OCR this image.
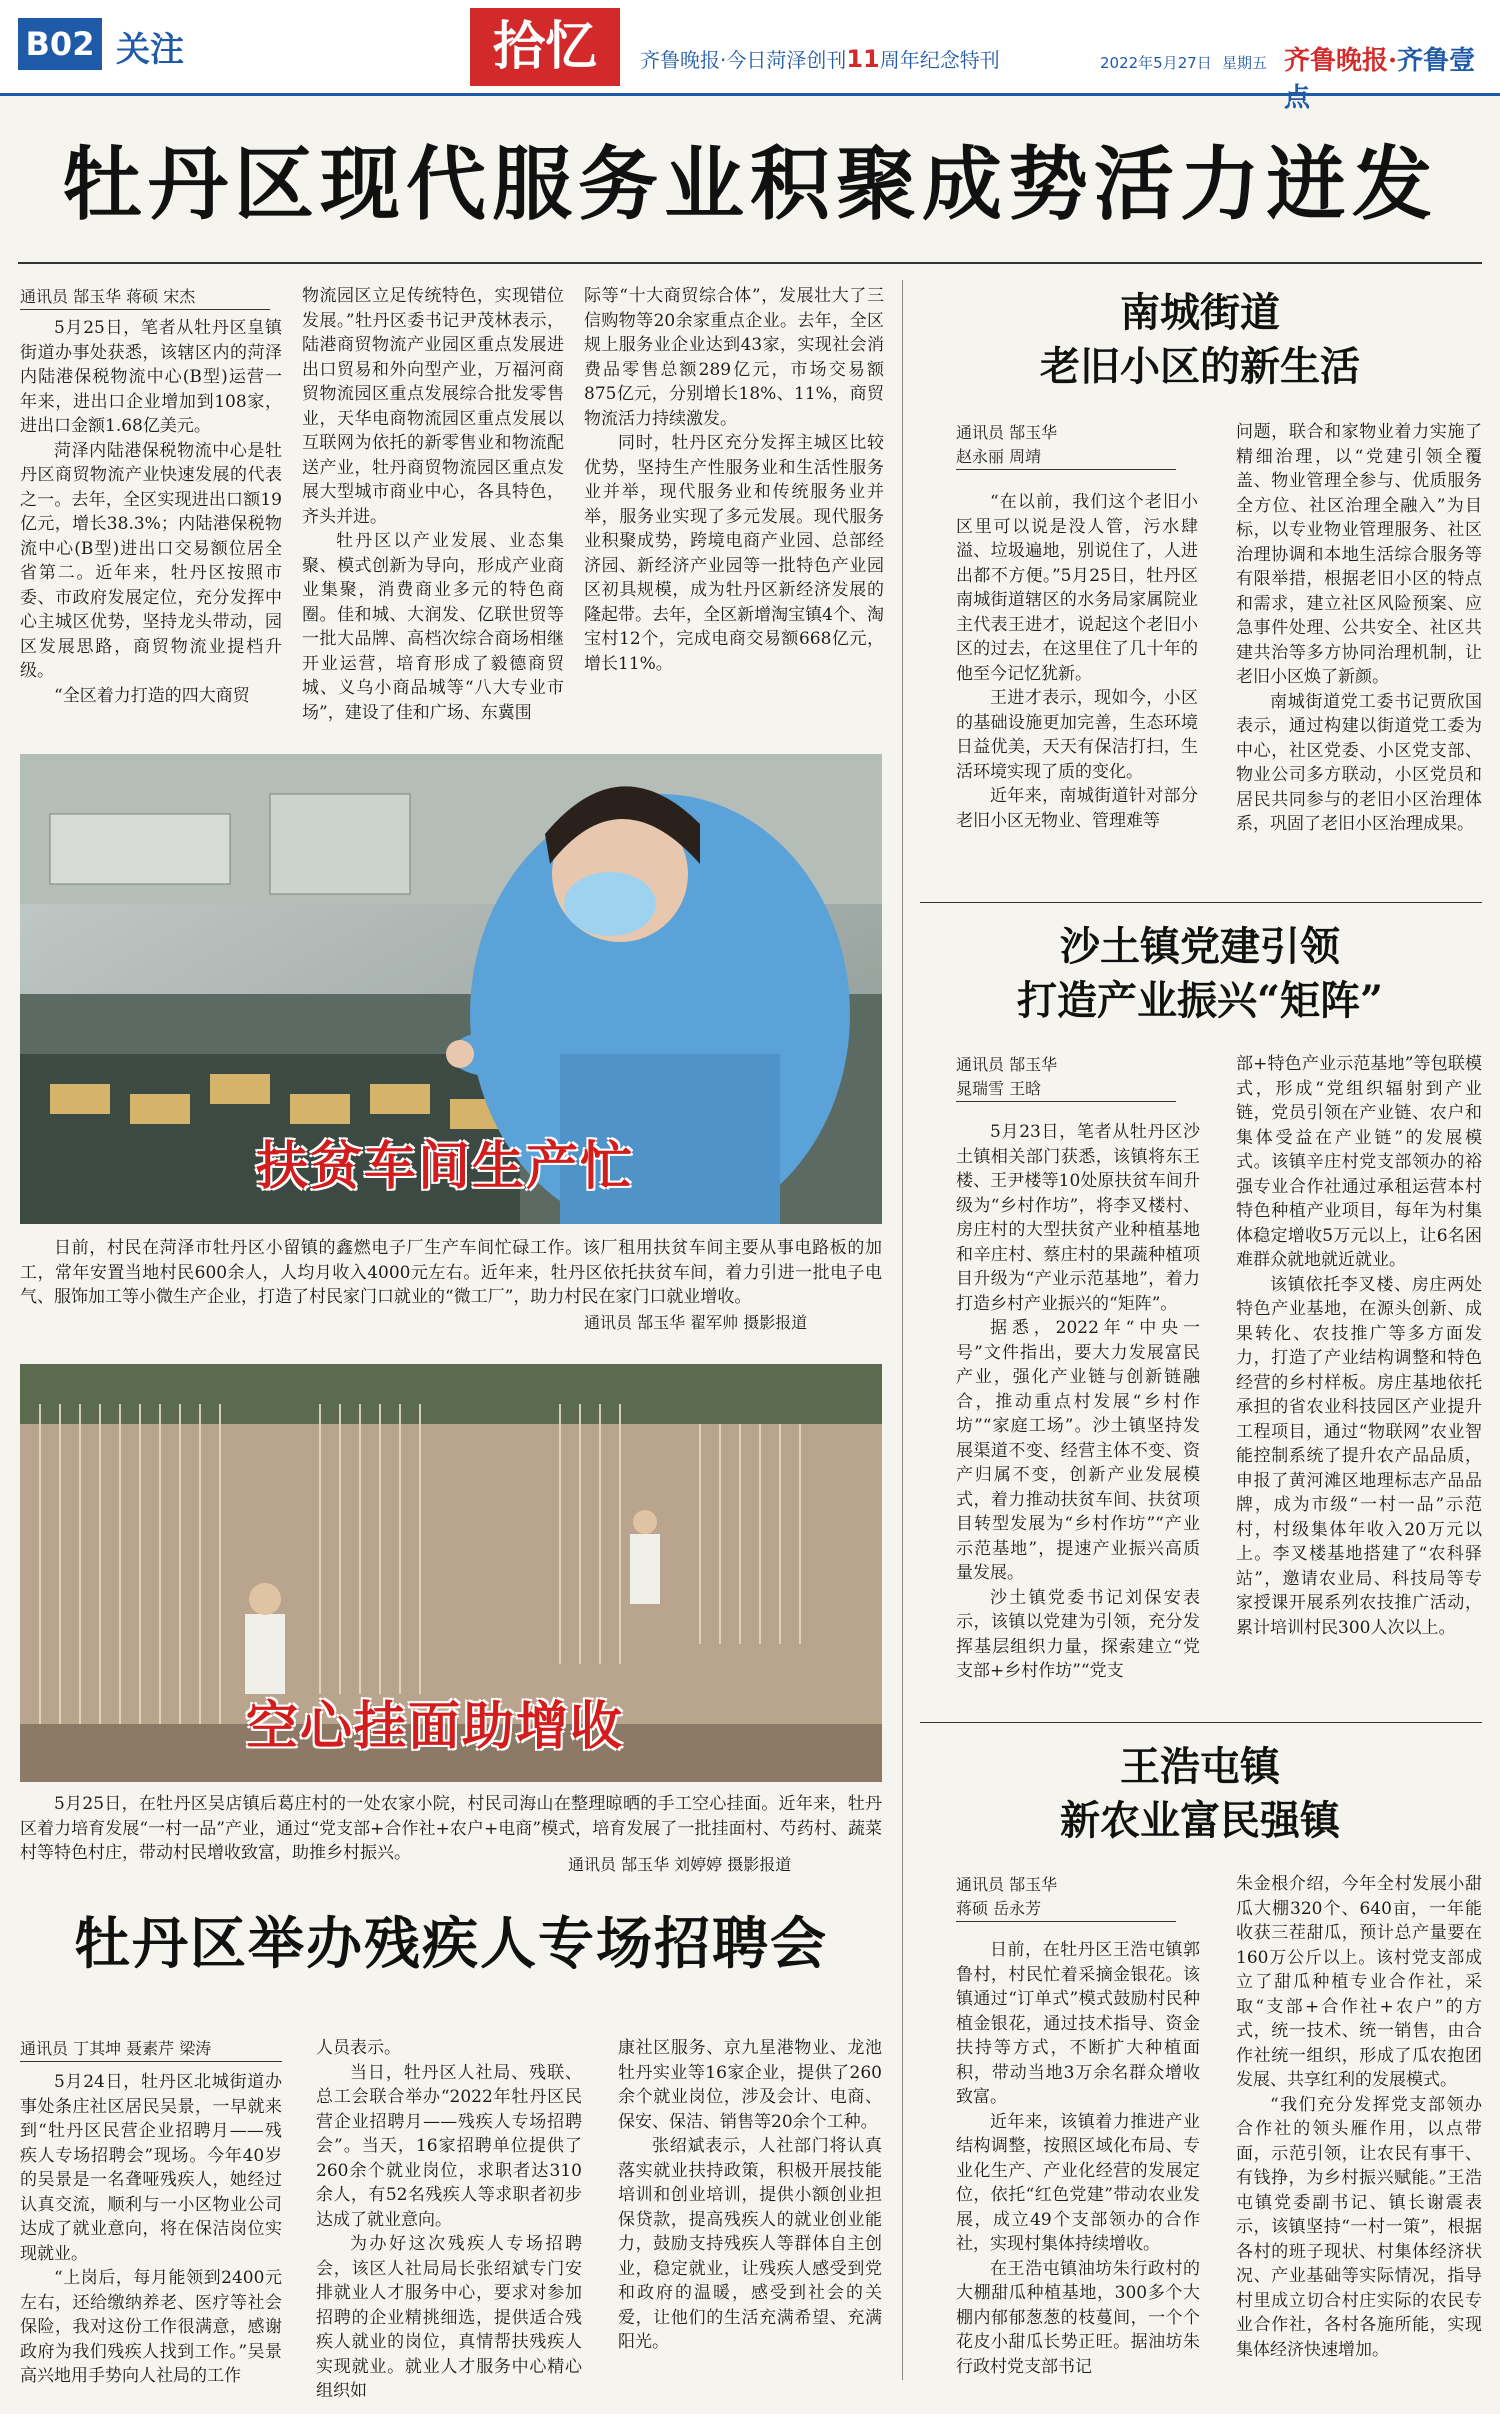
B02 关注	拾忆	齐鲁晚报·今日菏泽创刊11周年纪念特刊	2022年5月27日 星期五 齐鲁晚报·齐鲁壹点
牡丹区现代服务业积聚成势活力迸发
通讯员 郜玉华 蒋硕 宋杰

5月25日，笔者从牡丹区皇镇街道办事处获悉，该辖区内的菏泽内陆港保税物流中心(B型)运营一年来，进出口企业增加到108家，进出口金额1.68亿美元。

菏泽内陆港保税物流中心是牡丹区商贸物流产业快速发展的代表之一。去年，全区实现进出口额19亿元，增长38.3%；内陆港保税物流中心(B型)进出口交易额位居全省第二。近年来，牡丹区按照市委、市政府发展定位，充分发挥中心主城区优势，坚持龙头带动，园区发展思路，商贸物流业提档升级。

“全区着力打造的四大商贸

物流园区立足传统特色，实现错位发展。”牡丹区委书记尹茂林表示，陆港商贸物流产业园区重点发展进出口贸易和外向型产业，万福河商贸物流园区重点发展综合批发零售业，天华电商物流园区重点发展以互联网为依托的新零售业和物流配送产业，牡丹商贸物流园区重点发展大型城市商业中心，各具特色，齐头并进。

牡丹区以产业发展、业态集聚、模式创新为导向，形成产业商业集聚，消费商业多元的特色商圈。佳和城、大润发、亿联世贸等一批大品牌、高档次综合商场相继开业运营，培育形成了毅德商贸城、义乌小商品城等“八大专业市场”，建设了佳和广场、东冀围

际等“十大商贸综合体”，发展壮大了三信购物等20余家重点企业。去年，全区规上服务业企业达到43家，实现社会消费品零售总额289亿元，市场交易额875亿元，分别增长18%、11%，商贸物流活力持续激发。

同时，牡丹区充分发挥主城区比较优势，坚持生产性服务业和生活性服务业并举，现代服务业和传统服务业并举，服务业实现了多元发展。现代服务业积聚成势，跨境电商产业园、总部经济园、新经济产业园等一批特色产业园区初具规模，成为牡丹区新经济发展的隆起带。去年，全区新增淘宝镇4个、淘宝村12个，完成电商交易额668亿元，增长11%。

扶贫车间生产忙

日前，村民在菏泽市牡丹区小留镇的鑫燃电子厂生产车间忙碌工作。该厂租用扶贫车间主要从事电路板的加工，常年安置当地村民600余人，人均月收入4000元左右。近年来，牡丹区依托扶贫车间，着力引进一批电子电气、服饰加工等小微生产企业，打造了村民家门口就业的“微工厂”，助力村民在家门口就业增收。

通讯员 郜玉华 翟军帅 摄影报道
空心挂面助增收

5月25日，在牡丹区吴店镇后葛庄村的一处农家小院，村民司海山在整理晾晒的手工空心挂面。近年来，牡丹区着力培育发展“一村一品”产业，通过“党支部+合作社+农户+电商”模式，培育发展了一批挂面村、芍药村、蔬菜村等特色村庄，带动村民增收致富，助推乡村振兴。

通讯员 郜玉华 刘婷婷 摄影报道
牡丹区举办残疾人专场招聘会
通讯员 丁其坤 聂素芹 梁涛

5月24日，牡丹区北城街道办事处条庄社区居民吴景，一早就来到“牡丹区民营企业招聘月——残疾人专场招聘会”现场。今年40岁的吴景是一名聋哑残疾人，她经过认真交流，顺利与一小区物业公司达成了就业意向，将在保洁岗位实现就业。

“上岗后，每月能领到2400元左右，还给缴纳养老、医疗等社会保险，我对这份工作很满意，感谢政府为我们残疾人找到工作。”吴景高兴地用手势向人社局的工作

人员表示。

当日，牡丹区人社局、残联、总工会联合举办“2022年牡丹区民营企业招聘月——残疾人专场招聘会”。当天，16家招聘单位提供了260余个就业岗位，求职者达310余人，有52名残疾人等求职者初步达成了就业意向。

为办好这次残疾人专场招聘会，该区人社局局长张绍斌专门安排就业人才服务中心，要求对参加招聘的企业精挑细选，提供适合残疾人就业的岗位，真情帮扶残疾人实现就业。就业人才服务中心精心组织如

康社区服务、京九星港物业、龙池牡丹实业等16家企业，提供了260余个就业岗位，涉及会计、电商、保安、保洁、销售等20余个工种。

张绍斌表示，人社部门将认真落实就业扶持政策，积极开展技能培训和创业培训，提供小额创业担保贷款，提高残疾人的就业创业能力，鼓励支持残疾人等群体自主创业，稳定就业，让残疾人感受到党和政府的温暖，感受到社会的关爱，让他们的生活充满希望、充满阳光。

南城街道
老旧小区的新生活
通讯员 郜玉华
赵永丽 周靖

“在以前，我们这个老旧小区里可以说是没人管，污水肆溢、垃圾遍地，别说住了，人进出都不方便。”5月25日，牡丹区南城街道辖区的水务局家属院业主代表王进才，说起这个老旧小区的过去，在这里住了几十年的他至今记忆犹新。

王进才表示，现如今，小区的基础设施更加完善，生态环境日益优美，天天有保洁打扫，生活环境实现了质的变化。

近年来，南城街道针对部分老旧小区无物业、管理难等

问题，联合和家物业着力实施了精细治理，以“党建引领全覆盖、物业管理全参与、优质服务全方位、社区治理全融入”为目标，以专业物业管理服务、社区治理协调和本地生活综合服务等有限举措，根据老旧小区的特点和需求，建立社区风险预案、应急事件处理、公共安全、社区共建共治等多方协同治理机制，让老旧小区焕了新颜。

南城街道党工委书记贾欣国表示，通过构建以街道党工委为中心，社区党委、小区党支部、物业公司多方联动，小区党员和居民共同参与的老旧小区治理体系，巩固了老旧小区治理成果。

沙土镇党建引领
打造产业振兴“矩阵”
通讯员 郜玉华
晁瑞雪 王晗

5月23日，笔者从牡丹区沙土镇相关部门获悉，该镇将东王楼、王尹楼等10处原扶贫车间升级为“乡村作坊”，将李叉楼村、房庄村的大型扶贫产业种植基地和辛庄村、蔡庄村的果蔬种植项目升级为“产业示范基地”，着力打造乡村产业振兴的“矩阵”。

据悉，2022年“中央一号”文件指出，要大力发展富民产业，强化产业链与创新链融合，推动重点村发展“乡村作坊”“家庭工场”。沙土镇坚持发展渠道不变、经营主体不变、资产归属不变，创新产业发展模式，着力推动扶贫车间、扶贫项目转型发展为“乡村作坊”“产业示范基地”，提速产业振兴高质量发展。

沙土镇党委书记刘保安表示，该镇以党建为引领，充分发挥基层组织力量，探索建立“党支部+乡村作坊”“党支

部+特色产业示范基地”等包联模式，形成“党组织辐射到产业链，党员引领在产业链、农户和集体受益在产业链”的发展模式。该镇辛庄村党支部领办的裕强专业合作社通过承租运营本村特色种植产业项目，每年为村集体稳定增收5万元以上，让6名困难群众就地就近就业。

该镇依托李叉楼、房庄两处特色产业基地，在源头创新、成果转化、农技推广等多方面发力，打造了产业结构调整和特色经营的乡村样板。房庄基地依托承担的省农业科技园区产业提升工程项目，通过“物联网”农业智能控制系统了提升农产品品质，申报了黄河滩区地理标志产品品牌，成为市级“一村一品”示范村，村级集体年收入20万元以上。李叉楼基地搭建了“农科驿站”，邀请农业局、科技局等专家授课开展系列农技推广活动，累计培训村民300人次以上。

王浩屯镇
新农业富民强镇
通讯员 郜玉华
蒋硕 岳永芳

日前，在牡丹区王浩屯镇郭鲁村，村民忙着采摘金银花。该镇通过“订单式”模式鼓励村民种植金银花，通过技术指导、资金扶持等方式，不断扩大种植面积，带动当地3万余名群众增收致富。

近年来，该镇着力推进产业结构调整，按照区域化布局、专业化生产、产业化经营的发展定位，依托“红色党建”带动农业发展，成立49个支部领办的合作社，实现村集体持续增收。

在王浩屯镇油坊朱行政村的大棚甜瓜种植基地，300多个大棚内郁郁葱葱的枝蔓间，一个个花皮小甜瓜长势正旺。据油坊朱行政村党支部书记

朱金根介绍，今年全村发展小甜瓜大棚320个、640亩，一年能收获三茬甜瓜，预计总产量要在160万公斤以上。该村党支部成立了甜瓜种植专业合作社，采取“支部+合作社+农户”的方式，统一技术、统一销售，由合作社统一组织，形成了瓜农抱团发展、共享红利的发展模式。

“我们充分发挥党支部领办合作社的领头雁作用，以点带面，示范引领，让农民有事干、有钱挣，为乡村振兴赋能。”王浩屯镇党委副书记、镇长谢震表示，该镇坚持“一村一策”，根据各村的班子现状、村集体经济状况、产业基础等实际情况，指导村里成立切合村庄实际的农民专业合作社，各村各施所能，实现集体经济快速增加。
